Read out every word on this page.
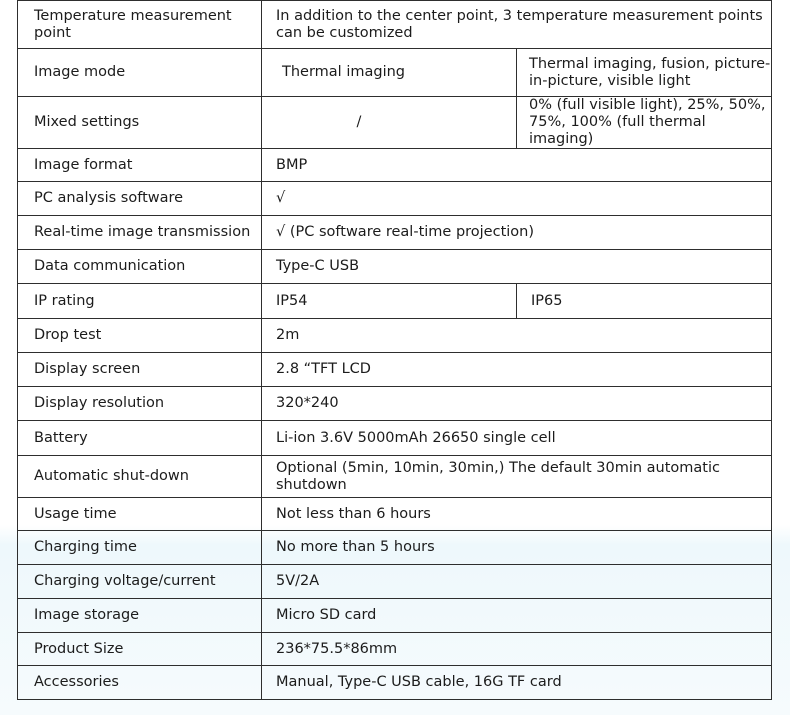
Temperature measurement point	In addition to the center point, 3 temperature measurement points can be customized	
Image mode	Thermal imaging	Thermal imaging, fusion, picture-in-picture, visible light
Mixed settings	/	0% (full visible light), 25%, 50%, 75%, 100% (full thermal imaging)
Image format	BMP	
PC analysis software	√	
Real-time image transmission	√ (PC software real-time projection)	
Data communication	Type-C USB	
IP rating	IP54	IP65
Drop test	2m	
Display screen	2.8 “TFT LCD	
Display resolution	320*240	
Battery	Li-ion 3.6V 5000mAh 26650 single cell	
Automatic shut-down	Optional (5min, 10min, 30min,) The default 30min automatic shutdown	
Usage time	Not less than 6 hours	
Charging time	No more than 5 hours	
Charging voltage/current	5V/2A	
Image storage	Micro SD card	
Product Size	236*75.5*86mm	
Accessories	Manual, Type-C USB cable, 16G TF card	
